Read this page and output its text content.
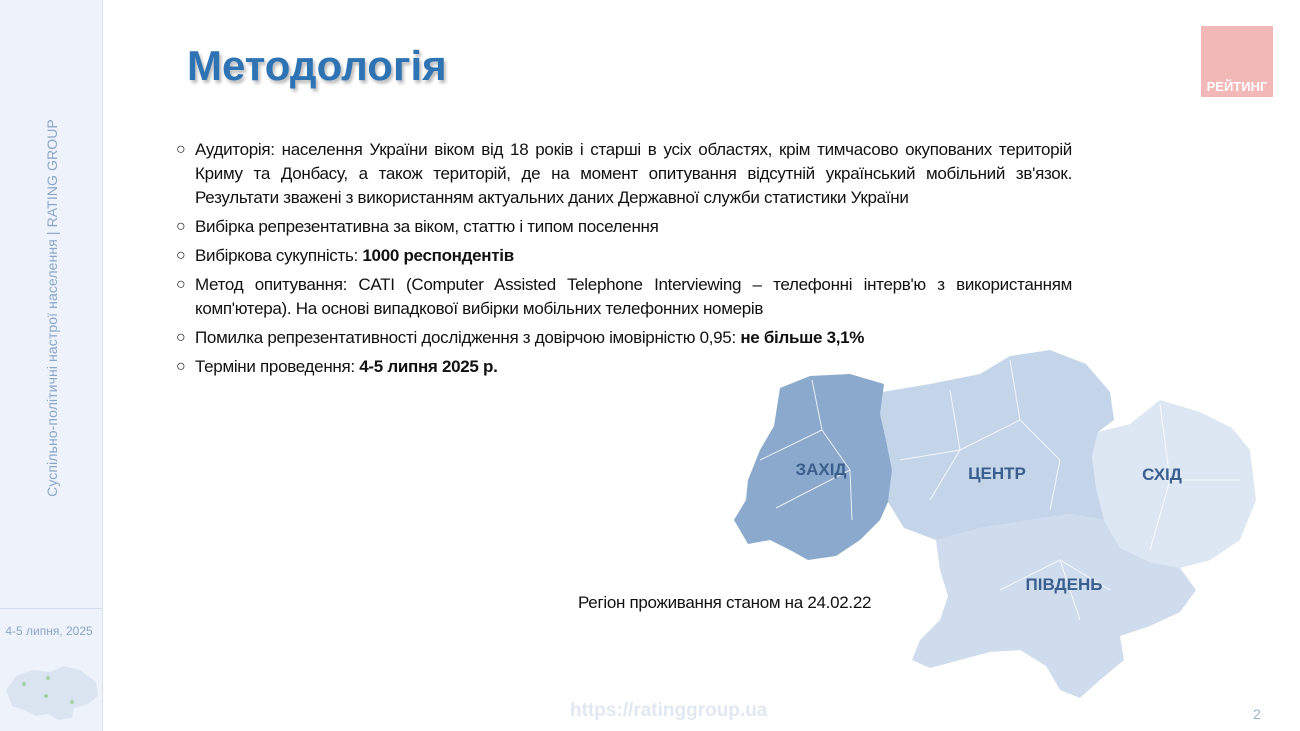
Суспільно-політичні настрої населення | RATING GROUP
4-5 липня, 2025
Методологія	РЕЙТИНГ
○ Аудиторія: населення України віком від 18 років і старші в усіх областях, крім тимчасово окупованих територій Криму та Донбасу, а також територій, де на момент опитування відсутній український мобільний зв'язок. Результати зважені з використанням актуальних даних Державної служби статистики України
○ Вибірка репрезентативна за віком, статтю і типом поселення
○ Вибіркова сукупність: 1000 респондентів
○ Метод опитування: CATI (Computer Assisted Telephone Interviewing – телефонні інтерв'ю з використанням комп'ютера). На основі випадкової вибірки мобільних телефонних номерів
○ Помилка репрезентативності дослідження з довірчою імовірністю 0,95: не більше 3,1%
○ Терміни проведення: 4-5 липня 2025 р.
ЗАХІД	ЦЕНТР	СХІД
ПІВДЕНЬ
Регіон проживання станом на 24.02.22
https://ratinggroup.ua	2
